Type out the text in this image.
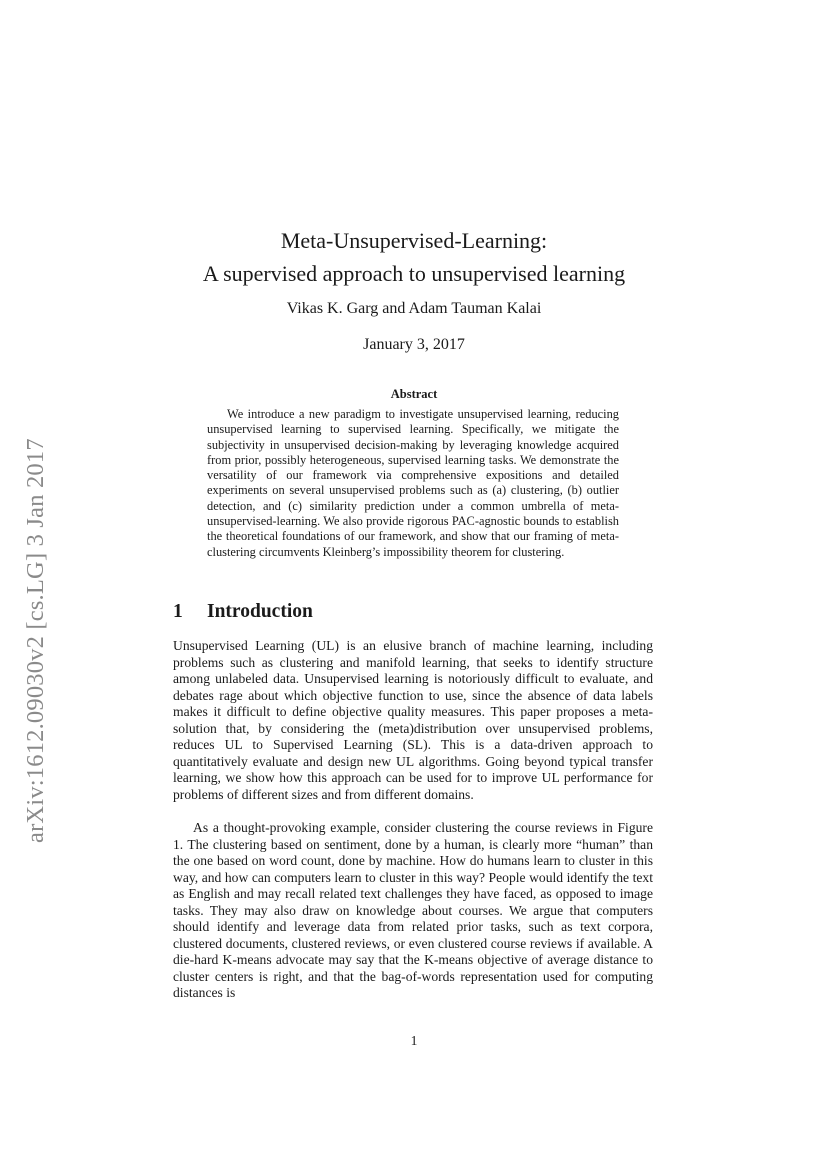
arXiv:1612.09030v2 [cs.LG] 3 Jan 2017
Meta-Unsupervised-Learning:
A supervised approach to unsupervised learning
Vikas K. Garg and Adam Tauman Kalai
January 3, 2017
Abstract

We introduce a new paradigm to investigate unsupervised learning, reducing unsupervised learning to supervised learning. Specifically, we mitigate the subjectivity in unsupervised decision-making by leveraging knowledge acquired from prior, possibly heterogeneous, supervised learning tasks. We demonstrate the versatility of our framework via comprehensive expositions and detailed experiments on several unsupervised problems such as (a) clustering, (b) outlier detection, and (c) similarity prediction under a common umbrella of meta-unsupervised-learning. We also provide rigorous PAC-agnostic bounds to establish the theoretical foundations of our framework, and show that our framing of meta-clustering circumvents Kleinberg’s impossibility theorem for clustering.

1 Introduction

Unsupervised Learning (UL) is an elusive branch of machine learning, including problems such as clustering and manifold learning, that seeks to identify structure among unlabeled data. Unsupervised learning is notoriously difficult to evaluate, and debates rage about which objective function to use, since the absence of data labels makes it difficult to define objective quality measures. This paper proposes a meta-solution that, by considering the (meta)distribution over unsupervised problems, reduces UL to Supervised Learning (SL). This is a data-driven approach to quantitatively evaluate and design new UL algorithms. Going beyond typical transfer learning, we show how this approach can be used for to improve UL performance for problems of different sizes and from different domains.

As a thought-provoking example, consider clustering the course reviews in Figure 1. The clustering based on sentiment, done by a human, is clearly more “human” than the one based on word count, done by machine. How do humans learn to cluster in this way, and how can computers learn to cluster in this way? People would identify the text as English and may recall related text challenges they have faced, as opposed to image tasks. They may also draw on knowledge about courses. We argue that computers should identify and leverage data from related prior tasks, such as text corpora, clustered documents, clustered reviews, or even clustered course reviews if available. A die-hard K-means advocate may say that the K-means objective of average distance to cluster centers is right, and that the bag-of-words representation used for computing distances is

1
